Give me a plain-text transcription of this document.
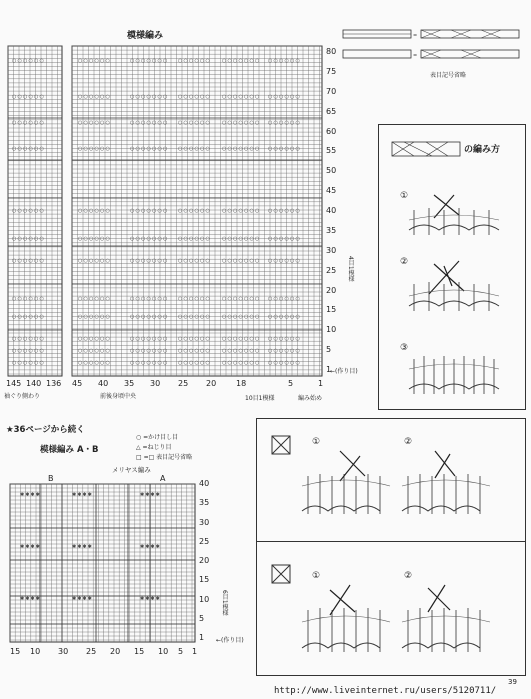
模様編み
○ ○ ○ ○ ○ ○	○ ○ ○ ○ ○ ○	○ ○ ○ ○ ○ ○ ○ ○ ○ ○ ○ ○ ○ ○ ○ ○ ○ ○ ○ ○ ○ ○ ○ ○ ○ ○
○ ○ ○ ○ ○ ○	○ ○ ○ ○ ○ ○	○ ○ ○ ○ ○ ○ ○ ○ ○ ○ ○ ○ ○ ○ ○ ○ ○ ○ ○ ○ ○ ○ ○ ○ ○ ○
○ ○ ○ ○ ○ ○	○ ○ ○ ○ ○ ○	○ ○ ○ ○ ○ ○ ○ ○ ○ ○ ○ ○ ○ ○ ○ ○ ○ ○ ○ ○ ○ ○ ○ ○ ○ ○
○ ○ ○ ○ ○ ○	○ ○ ○ ○ ○ ○	○ ○ ○ ○ ○ ○ ○ ○ ○ ○ ○ ○ ○ ○ ○ ○ ○ ○ ○ ○ ○ ○ ○ ○ ○ ○
○ ○ ○ ○ ○ ○	○ ○ ○ ○ ○ ○	○ ○ ○ ○ ○ ○ ○ ○ ○ ○ ○ ○ ○ ○ ○ ○ ○ ○ ○ ○ ○ ○ ○ ○ ○ ○
○ ○ ○ ○ ○ ○	○ ○ ○ ○ ○ ○	○ ○ ○ ○ ○ ○ ○ ○ ○ ○ ○ ○ ○ ○ ○ ○ ○ ○ ○ ○ ○ ○ ○ ○ ○ ○
○ ○ ○ ○ ○ ○	○ ○ ○ ○ ○ ○	○ ○ ○ ○ ○ ○ ○ ○ ○ ○ ○ ○ ○ ○ ○ ○ ○ ○ ○ ○ ○ ○ ○ ○ ○ ○
○ ○ ○ ○ ○ ○	○ ○ ○ ○ ○ ○	○ ○ ○ ○ ○ ○ ○ ○ ○ ○ ○ ○ ○ ○ ○ ○ ○ ○ ○ ○ ○ ○ ○ ○ ○ ○
○ ○ ○ ○ ○ ○	○ ○ ○ ○ ○ ○	○ ○ ○ ○ ○ ○ ○ ○ ○ ○ ○ ○ ○ ○ ○ ○ ○ ○ ○ ○ ○ ○ ○ ○ ○ ○
○ ○ ○ ○ ○ ○	○ ○ ○ ○ ○ ○	○ ○ ○ ○ ○ ○ ○ ○ ○ ○ ○ ○ ○ ○ ○ ○ ○ ○ ○ ○ ○ ○ ○ ○ ○ ○
○ ○ ○ ○ ○ ○	○ ○ ○ ○ ○ ○	○ ○ ○ ○ ○ ○ ○ ○ ○ ○ ○ ○ ○ ○ ○ ○ ○ ○ ○ ○ ○ ○ ○ ○ ○ ○
○ ○ ○ ○ ○ ○	○ ○ ○ ○ ○ ○	○ ○ ○ ○ ○ ○ ○ ○ ○ ○ ○ ○ ○ ○ ○ ○ ○ ○ ○ ○ ○ ○ ○ ○ ○ ○
80
75
70
65
60
55
50
45
40
35
30
25
20
15
10
5
1
145 140 136 45 40 35 30 25 20 18	5	1
袖ぐり側わり	前後身頃中央	10目1模様	編み始め
←(作り目)
4目1模様
=
=
表目記号省略
の編み方
①
②
③
★36ページから続く
模様編み A・B
○ =かけ目し目
△ =ねじり目
□ =□ 表目記号省略
メリヤス編み
B	A
6目1模様
←(作り目)
✱ ✱ ✱ ✱	✱ ✱ ✱ ✱	✱ ✱ ✱ ✱
✱ ✱ ✱ ✱	✱ ✱ ✱ ✱	✱ ✱ ✱ ✱
✱ ✱ ✱ ✱	✱ ✱ ✱ ✱	✱ ✱ ✱ ✱
40
35
30
25
20
15
10
5
1
15 10 30 25 20 15 10 5 1
①	②
①	②
39
http://www.liveinternet.ru/users/5120711/
